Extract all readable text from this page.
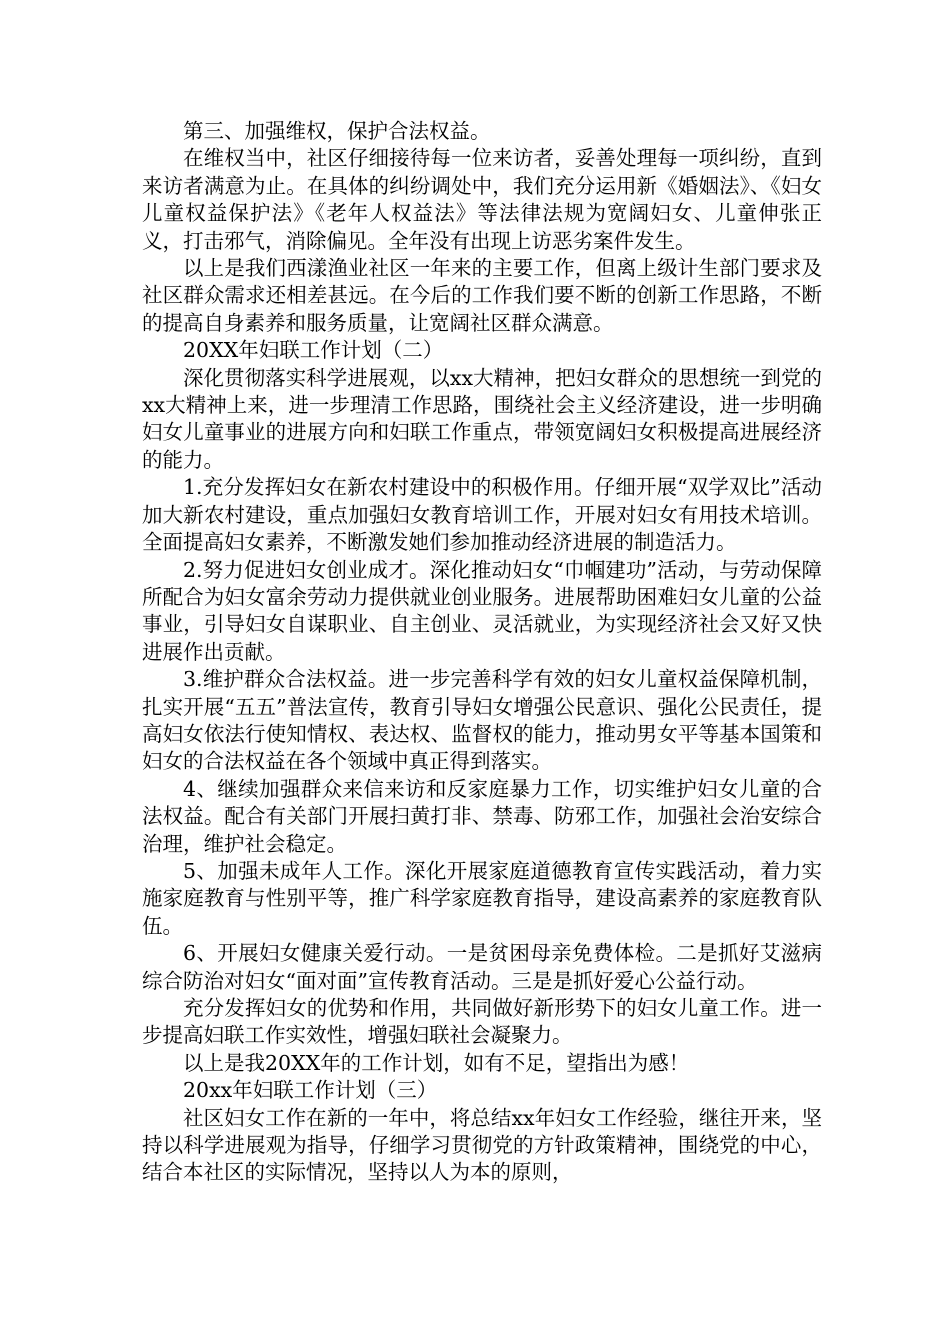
第三、加强维权，保护合法权益。

在维权当中，社区仔细接待每一位来访者，妥善处理每一项纠纷，直到来访者满意为止。在具体的纠纷调处中，我们充分运用新《婚姻法》、《妇女儿童权益保护法》《老年人权益法》等法律法规为宽阔妇女、儿童伸张正义，打击邪气，消除偏见。全年没有出现上访恶劣案件发生。

以上是我们西漾渔业社区一年来的主要工作，但离上级计生部门要求及社区群众需求还相差甚远。在今后的工作我们要不断的创新工作思路，不断的提高自身素养和服务质量，让宽阔社区群众满意。

20XX年妇联工作计划（二）

深化贯彻落实科学进展观，以xx大精神，把妇女群众的思想统一到党的xx大精神上来，进一步理清工作思路，围绕社会主义经济建设，进一步明确妇女儿童事业的进展方向和妇联工作重点，带领宽阔妇女积极提高进展经济的能力。

1.充分发挥妇女在新农村建设中的积极作用。仔细开展“双学双比”活动加大新农村建设，重点加强妇女教育培训工作，开展对妇女有用技术培训。全面提高妇女素养，不断激发她们参加推动经济进展的制造活力。

2.努力促进妇女创业成才。深化推动妇女“巾帼建功”活动，与劳动保障所配合为妇女富余劳动力提供就业创业服务。进展帮助困难妇女儿童的公益事业，引导妇女自谋职业、自主创业、灵活就业，为实现经济社会又好又快进展作出贡献。

3.维护群众合法权益。进一步完善科学有效的妇女儿童权益保障机制，扎实开展“五五”普法宣传，教育引导妇女增强公民意识、强化公民责任，提高妇女依法行使知情权、表达权、监督权的能力，推动男女平等基本国策和妇女的合法权益在各个领域中真正得到落实。

4、继续加强群众来信来访和反家庭暴力工作，切实维护妇女儿童的合法权益。配合有关部门开展扫黄打非、禁毒、防邪工作，加强社会治安综合治理，维护社会稳定。

5、加强未成年人工作。深化开展家庭道德教育宣传实践活动，着力实施家庭教育与性别平等，推广科学家庭教育指导，建设高素养的家庭教育队伍。

6、开展妇女健康关爱行动。一是贫困母亲免费体检。二是抓好艾滋病综合防治对妇女“面对面”宣传教育活动。三是是抓好爱心公益行动。

充分发挥妇女的优势和作用，共同做好新形势下的妇女儿童工作。进一步提高妇联工作实效性，增强妇联社会凝聚力。

以上是我20XX年的工作计划，如有不足，望指出为感！

20xx年妇联工作计划（三）

社区妇女工作在新的一年中，将总结xx年妇女工作经验，继往开来，坚持以科学进展观为指导，仔细学习贯彻党的方针政策精神，围绕党的中心，结合本社区的实际情况，坚持以人为本的原则，
